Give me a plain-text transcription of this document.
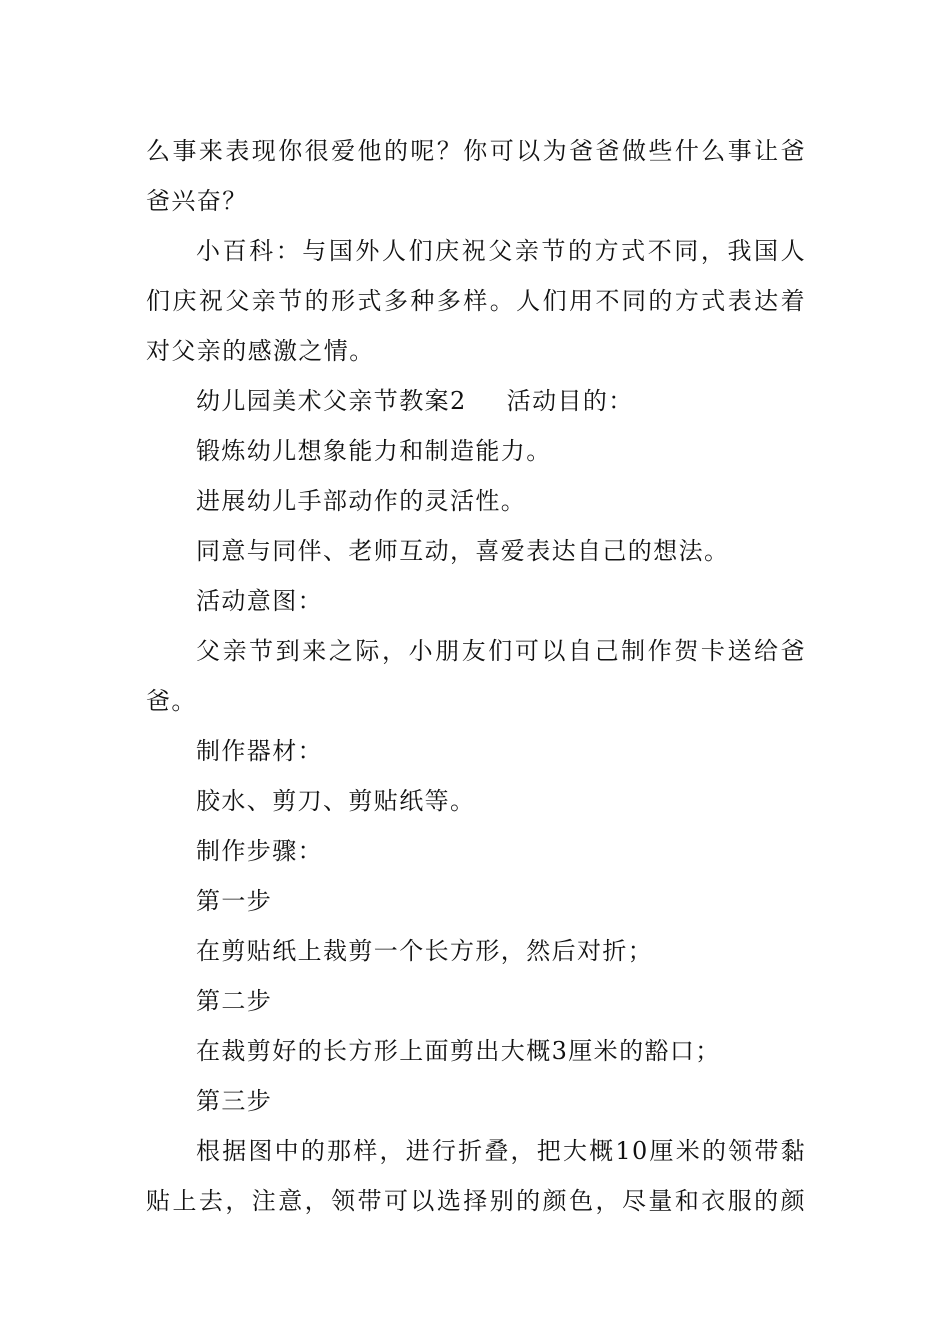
么事来表现你很爱他的呢？你可以为爸爸做些什么事让爸
爸兴奋？
小百科：与国外人们庆祝父亲节的方式不同，我国人
们庆祝父亲节的形式多种多样。人们用不同的方式表达着
对父亲的感激之情。
幼儿园美术父亲节教案2 活动目的：
锻炼幼儿想象能力和制造能力。
进展幼儿手部动作的灵活性。
同意与同伴、老师互动，喜爱表达自己的想法。
活动意图：
父亲节到来之际，小朋友们可以自己制作贺卡送给爸
爸。
制作器材：
胶水、剪刀、剪贴纸等。
制作步骤：
第一步
在剪贴纸上裁剪一个长方形，然后对折；
第二步
在裁剪好的长方形上面剪出大概3厘米的豁口；
第三步
根据图中的那样，进行折叠，把大概10厘米的领带黏
贴上去，注意，领带可以选择别的颜色，尽量和衣服的颜
